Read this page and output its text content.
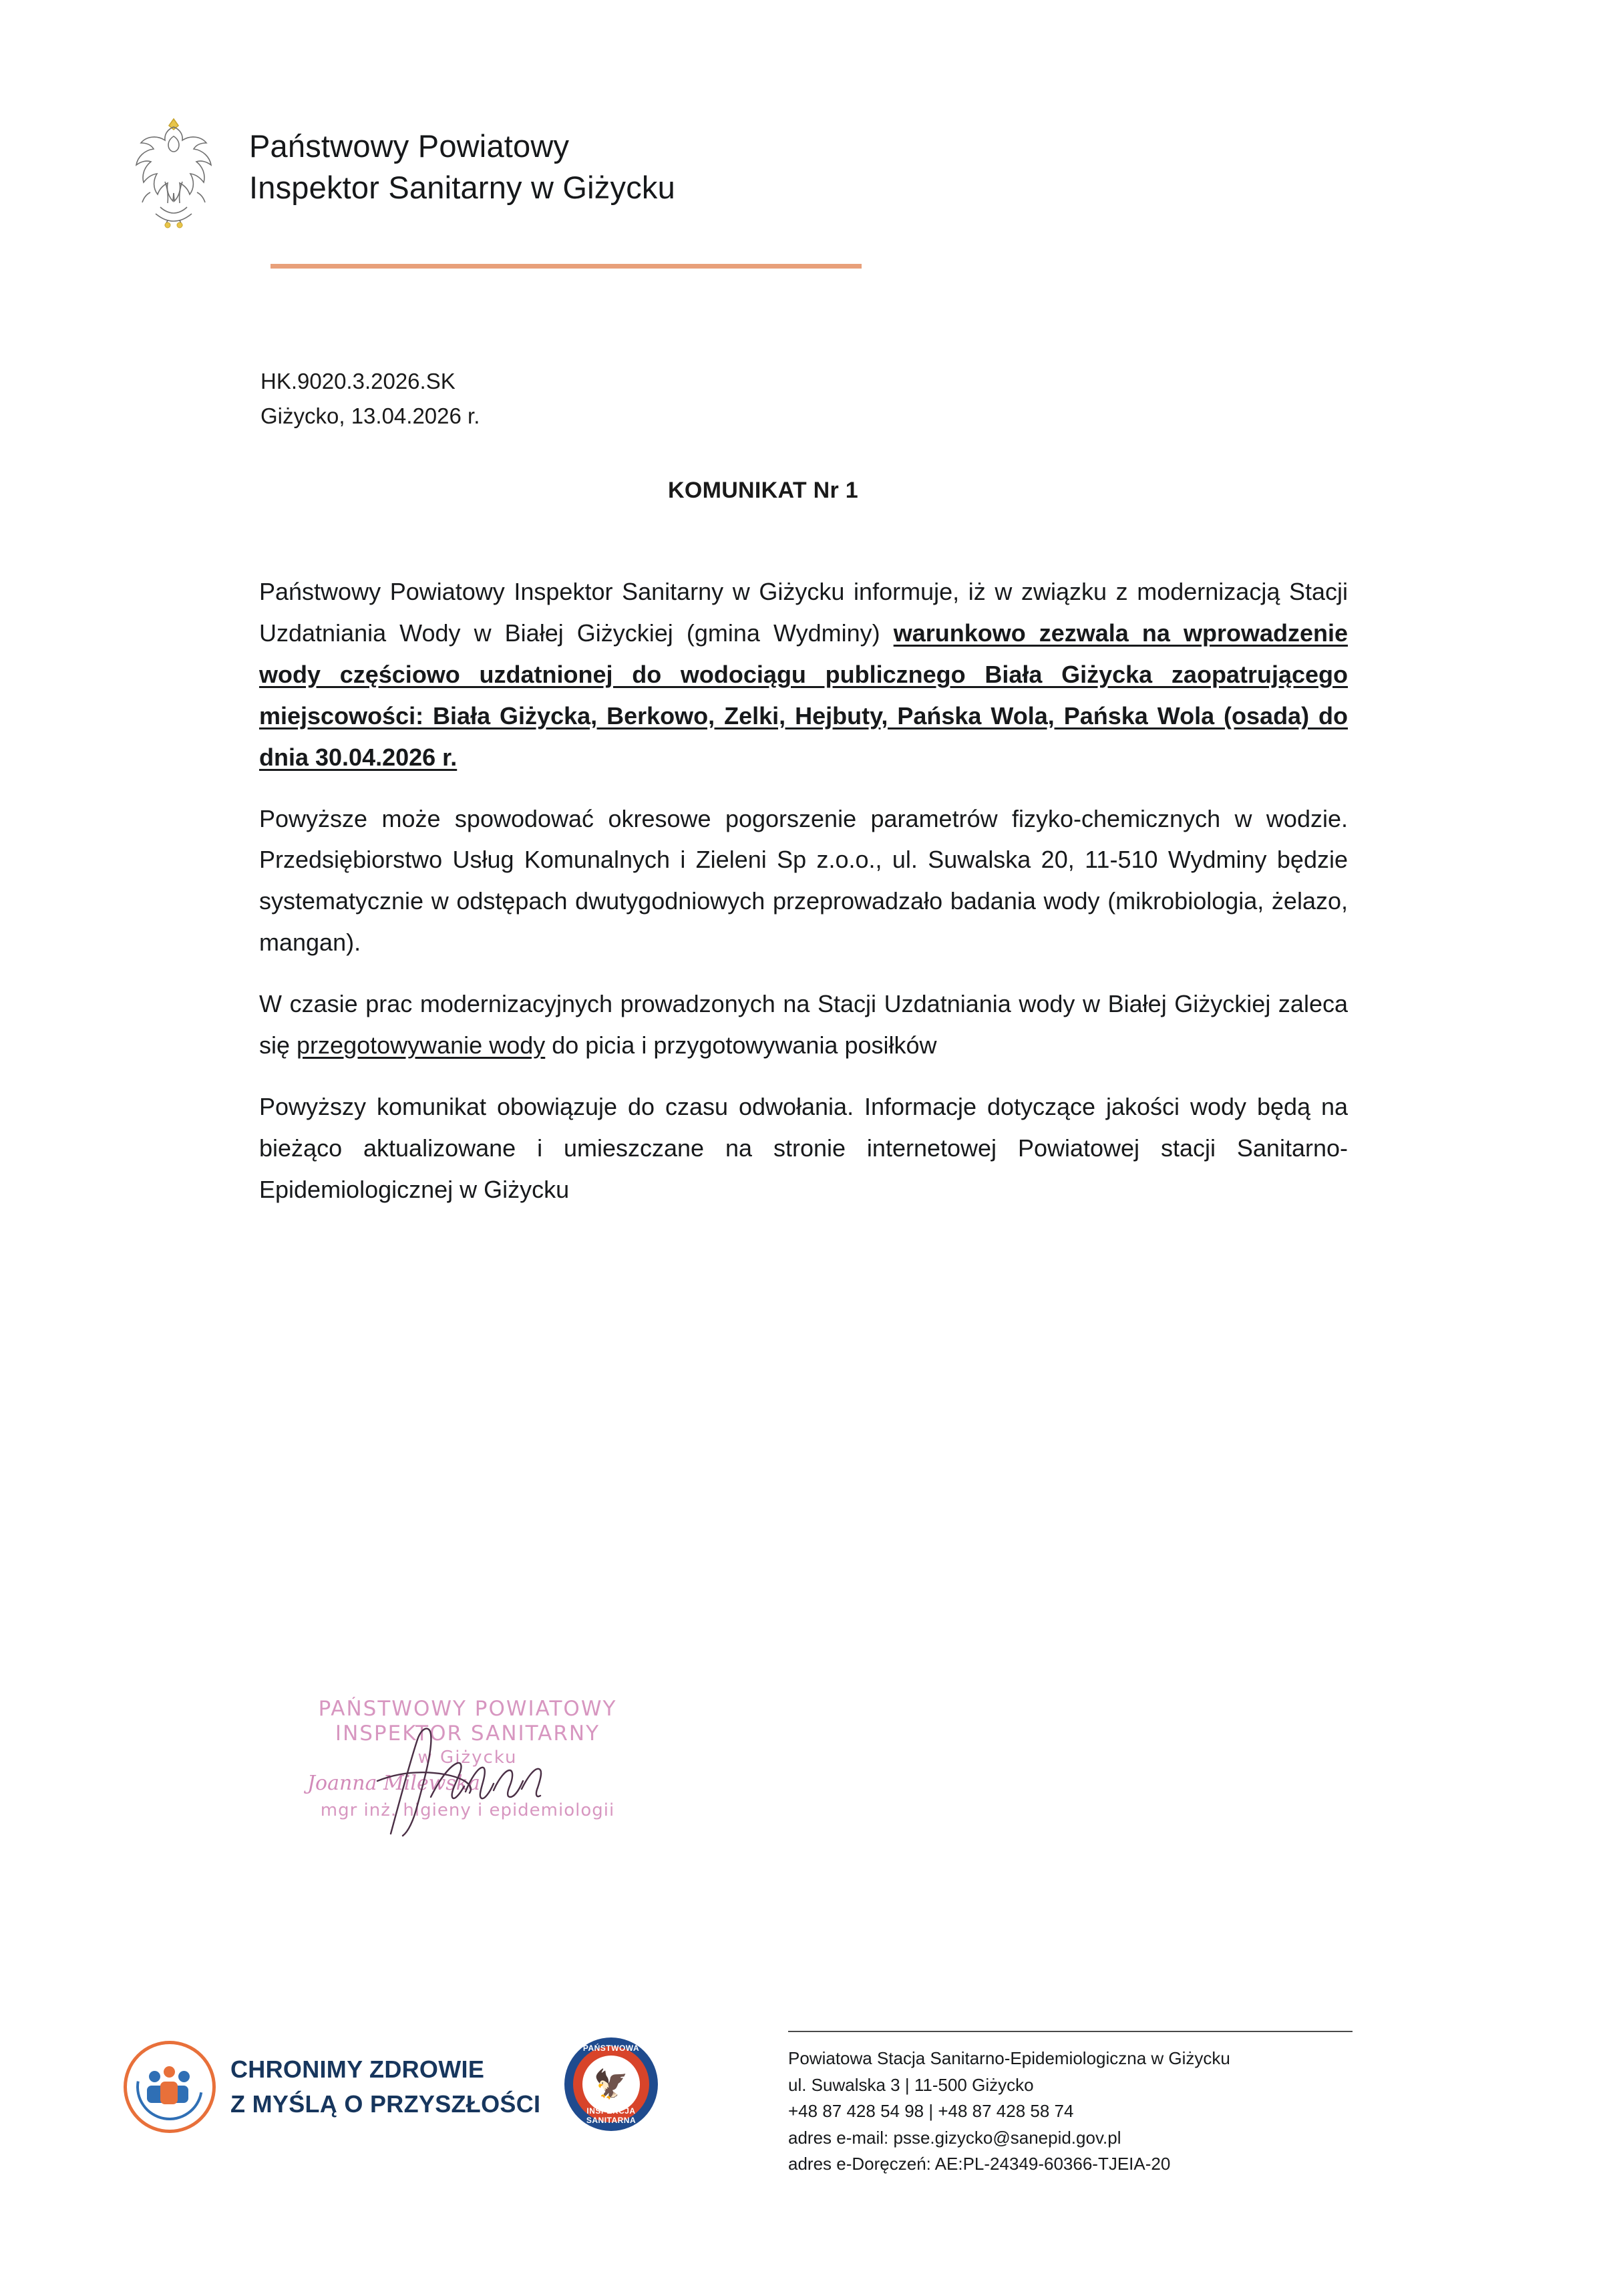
Państwowy Powiatowy
Inspektor Sanitarny w Giżycku
HK.9020.3.2026.SK
Giżycko, 13.04.2026 r.
KOMUNIKAT Nr 1

Państwowy Powiatowy Inspektor Sanitarny w Giżycku informuje, iż w związku z modernizacją Stacji Uzdatniania Wody w Białej Giżyckiej (gmina Wydminy) warunkowo zezwala na wprowadzenie wody częściowo uzdatnionej do wodociągu publicznego Biała Giżycka zaopatrującego miejscowości: Biała Giżycka, Berkowo, Zelki, Hejbuty, Pańska Wola, Pańska Wola (osada) do dnia 30.04.2026 r.

Powyższe może spowodować okresowe pogorszenie parametrów fizyko-chemicznych w wodzie. Przedsiębiorstwo Usług Komunalnych i Zieleni Sp z.o.o., ul. Suwalska 20, 11-510 Wydminy będzie systematycznie w odstępach dwutygodniowych przeprowadzało badania wody (mikrobiologia, żelazo, mangan).

W czasie prac modernizacyjnych prowadzonych na Stacji Uzdatniania wody w Białej Giżyckiej zaleca się przegotowywanie wody do picia i przygotowywania posiłków

Powyższy komunikat obowiązuje do czasu odwołania. Informacje dotyczące jakości wody będą na bieżąco aktualizowane i umieszczane na stronie internetowej Powiatowej stacji Sanitarno-Epidemiologicznej w Giżycku

PAŃSTWOWY POWIATOWY
INSPEKTOR SANITARNY
w Giżycku
Joanna Milewska
mgr inż. higieny i epidemiologii
CHRONIMY ZDROWIE
Z MYŚLĄ O PRZYSZŁOŚCI
PAŃSTWOWA
INSPEKCJA SANITARNA
🦅
Powiatowa Stacja Sanitarno-Epidemiologiczna w Giżycku
ul. Suwalska 3 | 11-500 Giżycko
+48 87 428 54 98 | +48 87 428 58 74
adres e-mail: psse.gizycko@sanepid.gov.pl
adres e-Doręczeń: AE:PL-24349-60366-TJEIA-20
